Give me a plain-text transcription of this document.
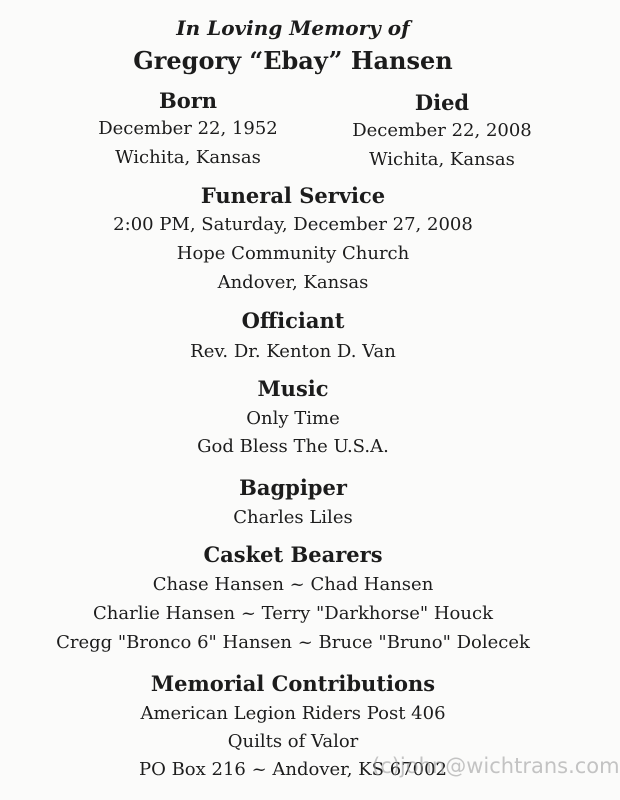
In Loving Memory of
Gregory “Ebay” Hansen
Born
December 22, 1952
Wichita, Kansas
Died
December 22, 2008
Wichita, Kansas
Funeral Service
2:00 PM, Saturday, December 27, 2008
Hope Community Church
Andover, Kansas
Officiant
Rev. Dr. Kenton D. Van
Music
Only Time
God Bless The U.S.A.
Bagpiper
Charles Liles
Casket Bearers
Chase Hansen ~ Chad Hansen
Charlie Hansen ~ Terry "Darkhorse" Houck
Cregg "Bronco 6" Hansen ~ Bruce "Bruno" Dolecek
Memorial Contributions
American Legion Riders Post 406
Quilts of Valor
PO Box 216 ~ Andover, KS 67002
(c)john@wichtrans.com
